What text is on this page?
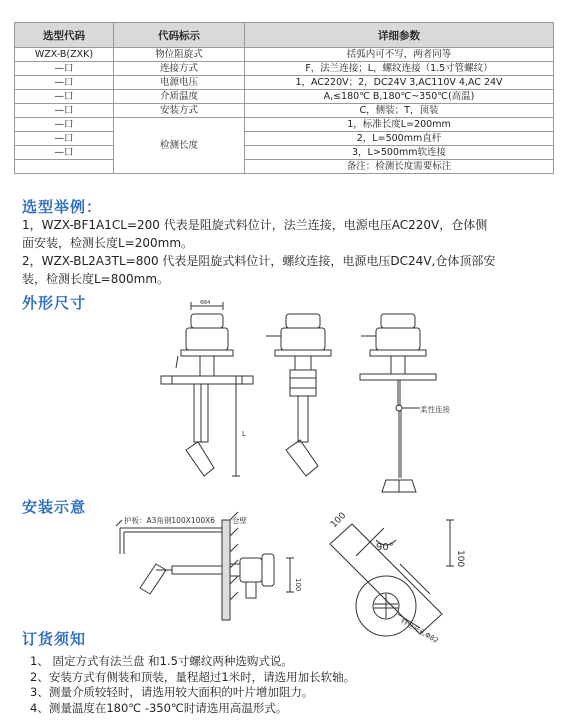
选型代码	代码标示	详细参数
WZX-B(ZXK)	物位阻旋式	括弧内可不写，两者同等
—口	连接方式	F，法兰连接；L，螺纹连接（1.5寸管螺纹）
—口	电源电压	1，AC220V；2，DC24V 3,AC110V 4,AC 24V
—口	介质温度	A,≤180℃ B,180℃~350℃(高温)
—口	安装方式	C，侧装；T，顶装
—口	检测长度	1，标准长度L=200mm
—口		2，L=500mm直杆
—口		3，L>500mm软连接
		备注：检测长度需要标注
选型举例：

1，WZX-BF1A1CL=200 代表是阻旋式料位计，法兰连接，电源电压AC220V，仓体侧

面安装，检测长度L=200mm。

2，WZX-BL2A3TL=800 代表是阻旋式料位计，螺纹连接，电源电压DC24V,仓体顶部安

装，检测长度L=800mm。

外形尺寸	Φ84
L
柔性连接
安装示意
护板：A3角钢100X100X6 仓壁
100
100
100
90°
料仓开孔Φ82
订货须知

1、 固定方式有法兰盘 和1.5寸螺纹两种选购式说。

2、安装方式有侧装和顶装，量程超过1米时，请选用加长软轴。

3、测量介质较轻时，请选用较大面积的叶片增加阻力。

4、测量温度在180℃ -350℃时请选用高温形式。
